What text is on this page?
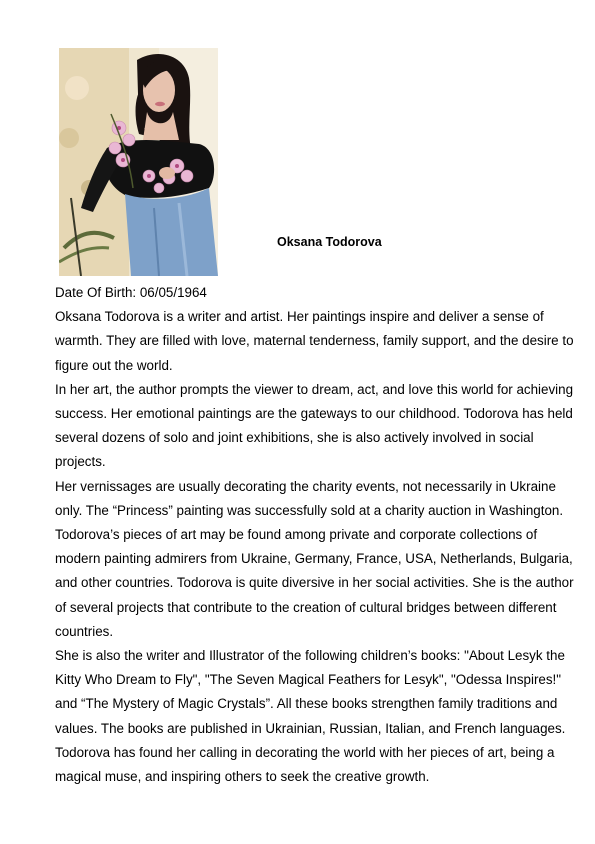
Oksana Todorova

Date Of Birth: 06/05/1964

Oksana Todorova is a writer and artist. Her paintings inspire and deliver a sense of warmth. They are filled with love, maternal tenderness, family support, and the desire to figure out the world.

In her art, the author prompts the viewer to dream, act, and love this world for achieving success. Her emotional paintings are the gateways to our childhood. Todorova has held several dozens of solo and joint exhibitions, she is also actively involved in social projects.

Her vernissages are usually decorating the charity events, not necessarily in Ukraine only. The “Princess” painting was successfully sold at a charity auction in Washington.

Todorova’s pieces of art may be found among private and corporate collections of modern painting admirers from Ukraine, Germany, France, USA, Netherlands, Bulgaria, and other countries. Todorova is quite diversive in her social activities. She is the author of several projects that contribute to the creation of cultural bridges between different countries.

She is also the writer and Illustrator of the following children’s books: "About Lesyk the Kitty Who Dream to Fly", "The Seven Magical Feathers for Lesyk", "Odessa Inspires!" and “The Mystery of Magic Crystals”. All these books strengthen family traditions and values. The books are published in Ukrainian, Russian, Italian, and French languages.

Todorova has found her calling in decorating the world with her pieces of art, being a magical muse, and inspiring others to seek the creative growth.
